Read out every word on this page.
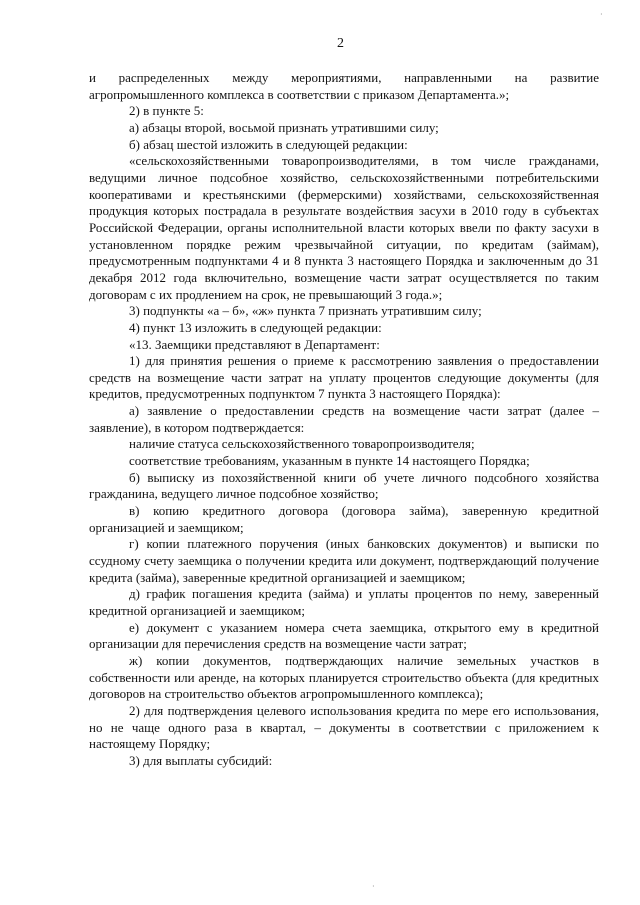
·
2

и распределенных между мероприятиями, направленными на развитие агропромышленного комплекса в соответствии с приказом Департамента.»;

2) в пункте 5:

а) абзацы второй, восьмой признать утратившими силу;

б) абзац шестой изложить в следующей редакции:

«сельскохозяйственными товаропроизводителями, в том числе гражданами, ведущими личное подсобное хозяйство, сельскохозяйственными потребительскими кооперативами и крестьянскими (фермерскими) хозяйствами, сельскохозяйственная продукция которых пострадала в результате воздействия засухи в 2010 году в субъектах Российской Федерации, органы исполнительной власти которых ввели по факту засухи в установленном порядке режим чрезвычайной ситуации, по кредитам (займам), предусмотренным подпунктами 4 и 8 пункта 3 настоящего Порядка и заключенным до 31 декабря 2012 года включительно, возмещение части затрат осуществляется по таким договорам с их продлением на срок, не превышающий 3 года.»;

3) подпункты «а – б», «ж» пункта 7 признать утратившим силу;

4) пункт 13 изложить в следующей редакции:

«13. Заемщики представляют в Департамент:

1) для принятия решения о приеме к рассмотрению заявления о предоставлении средств на возмещение части затрат на уплату процентов следующие документы (для кредитов, предусмотренных подпунктом 7 пункта 3 настоящего Порядка):

а) заявление о предоставлении средств на возмещение части затрат (далее – заявление), в котором подтверждается:

наличие статуса сельскохозяйственного товаропроизводителя;

соответствие требованиям, указанным в пункте 14 настоящего Порядка;

б) выписку из похозяйственной книги об учете личного подсобного хозяйства гражданина, ведущего личное подсобное хозяйство;

в) копию кредитного договора (договора займа), заверенную кредитной организацией и заемщиком;

г) копии платежного поручения (иных банковских документов) и выписки по ссудному счету заемщика о получении кредита или документ, подтверждающий получение кредита (займа), заверенные кредитной организацией и заемщиком;

д) график погашения кредита (займа) и уплаты процентов по нему, заверенный кредитной организацией и заемщиком;

е) документ с указанием номера счета заемщика, открытого ему в кредитной организации для перечисления средств на возмещение части затрат;

ж) копии документов, подтверждающих наличие земельных участков в собственности или аренде, на которых планируется строительство объекта (для кредитных договоров на строительство объектов агропромышленного комплекса);

2) для подтверждения целевого использования кредита по мере его использования, но не чаще одного раза в квартал, – документы в соответствии с приложением к настоящему Порядку;

3) для выплаты субсидий:

·
